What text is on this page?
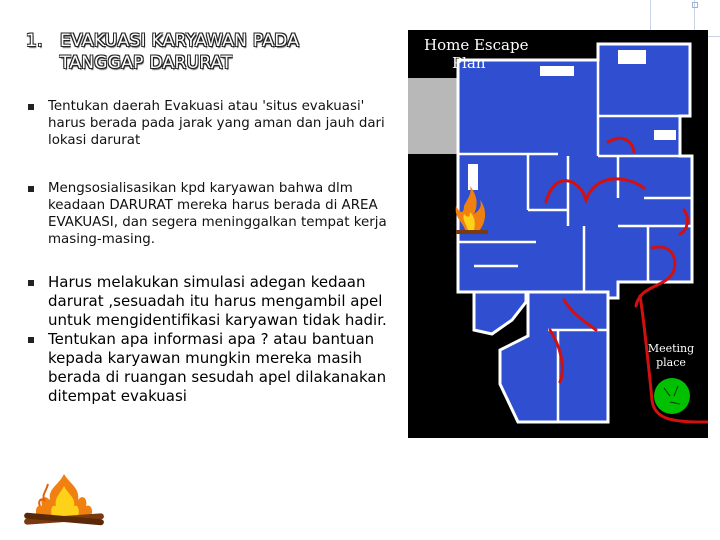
1. EVAKUASI KARYAWAN PADA
TANGGAP DARURAT
Tentukan daerah Evakuasi atau 'situs evakuasi' harus berada pada jarak yang aman dan jauh dari lokasi darurat
Mengsosialisasikan kpd karyawan bahwa dlm keadaan DARURAT mereka harus berada di AREA EVAKUASI, dan segera meninggalkan tempat kerja masing-masing.
Harus melakukan simulasi adegan kedaan darurat ,sesuadah itu harus mengambil apel untuk mengidentifikasi karyawan tidak hadir.
Tentukan apa informasi apa ? atau bantuan kepada karyawan mungkin mereka masih berada di ruangan sesudah apel dilakanakan ditempat evakuasi
Home Escape
Plan
Meeting
place
